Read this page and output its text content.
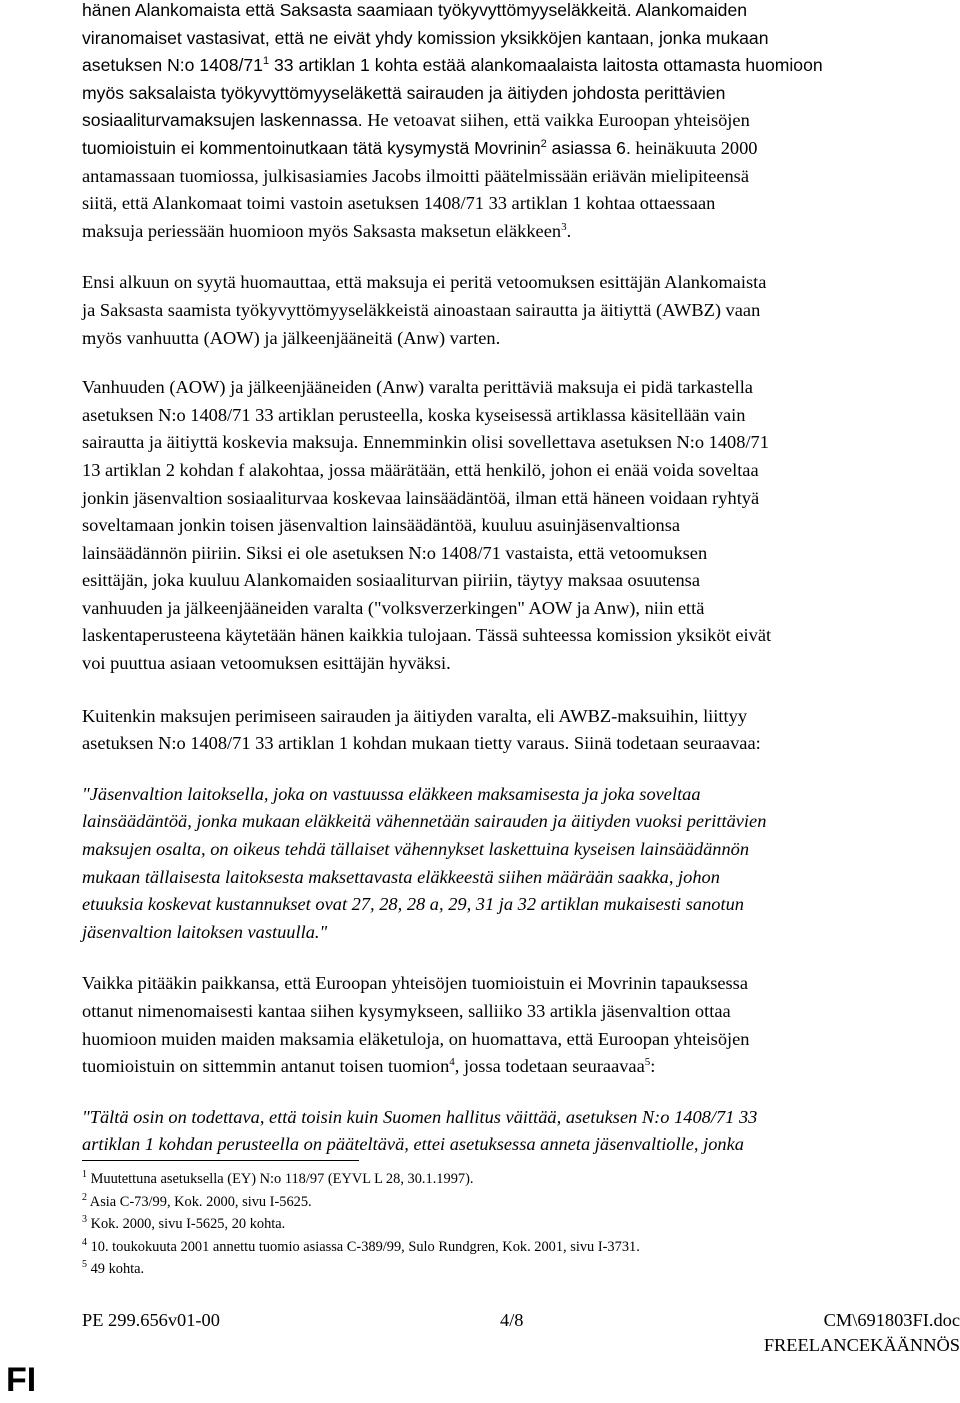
hänen Alankomaista että Saksasta saamiaan työkyvyttömyyseläkkeitä. Alankomaiden
viranomaiset vastasivat, että ne eivät yhdy komission yksikköjen kantaan, jonka mukaan
asetuksen N:o $1408/71^1$ 33 artiklan 1 kohta estää alankomaalaista laitosta ottamasta huomioon
myös saksalaista työkyvyttömyyseläkettä sairauden ja äitiyden johdosta perittävien
sosiaaliturvamaksujen laskennassa. He vetoavat siihen, että vaikka Euroopan yhteisöjen
tuomioistuin ei kommentoinutkaan tätä kysymystä Movrinin$^2$ asiassa 6. heinäkuuta 2000
antamassaan tuomiossa, julkisasiamies Jacobs ilmoitti päätelmissään eriävän mielipiteensä
siitä, että Alankomaat toimi vastoin asetuksen 1408/71 33 artiklan 1 kohtaa ottaessaan
maksuja periessään huomioon myös Saksasta maksetun eläkkeen$^3$.
Ensi alkuun on syytä huomauttaa, että maksuja ei peritä vetoomuksen esittäjän Alankomaista
ja Saksasta saamista työkyvyttömyyseläkkeistä ainoastaan sairautta ja äitiyttä (AWBZ) vaan
myös vanhuutta (AOW) ja jälkeenjääneitä (Anw) varten.
Vanhuuden (AOW) ja jälkeenjääneiden (Anw) varalta perittäviä maksuja ei pidä tarkastella
asetuksen N:o 1408/71 33 artiklan perusteella, koska kyseisessä artiklassa käsitellään vain
sairautta ja äitiyttä koskevia maksuja. Ennemminkin olisi sovellettava asetuksen N:o 1408/71
13 artiklan 2 kohdan f alakohtaa, jossa määrätään, että henkilö, johon ei enää voida soveltaa
jonkin jäsenvaltion sosiaaliturvaa koskevaa lainsäädäntöä, ilman että häneen voidaan ryhtyä
soveltamaan jonkin toisen jäsenvaltion lainsäädäntöä, kuuluu asuinjäsenvaltionsa
lainsäädännön piiriin. Siksi ei ole asetuksen N:o 1408/71 vastaista, että vetoomuksen
esittäjän, joka kuuluu Alankomaiden sosiaaliturvan piiriin, täytyy maksaa osuutensa
vanhuuden ja jälkeenjääneiden varalta ("volksverzerkingen" AOW ja Anw), niin että
laskentaperusteena käytetään hänen kaikkia tulojaan. Tässä suhteessa komission yksiköt eivät
voi puuttua asiaan vetoomuksen esittäjän hyväksi.
Kuitenkin maksujen perimiseen sairauden ja äitiyden varalta, eli AWBZ-maksuihin, liittyy
asetuksen N:o 1408/71 33 artiklan 1 kohdan mukaan tietty varaus. Siinä todetaan seuraavaa:
"Jäsenvaltion laitoksella, joka on vastuussa eläkkeen maksamisesta ja joka soveltaa
lainsäädäntöä, jonka mukaan eläkkeitä vähennetään sairauden ja äitiyden vuoksi perittävien
maksujen osalta, on oikeus tehdä tällaiset vähennykset laskettuina kyseisen lainsäädännön
mukaan tällaisesta laitoksesta maksettavasta eläkkeestä siihen määrään saakka, johon
etuuksia koskevat kustannukset ovat 27, 28, 28 a, 29, 31 ja 32 artiklan mukaisesti sanotun
jäsenvaltion laitoksen vastuulla."
Vaikka pitääkin paikkansa, että Euroopan yhteisöjen tuomioistuin ei Movrinin tapauksessa
ottanut nimenomaisesti kantaa siihen kysymykseen, salliiko 33 artikla jäsenvaltion ottaa
huomioon muiden maiden maksamia eläketuloja, on huomattava, että Euroopan yhteisöjen
tuomioistuin on sittemmin antanut toisen tuomion$^4$, jossa todetaan seuraavaa$^5$:
"Tältä osin on todettava, että toisin kuin Suomen hallitus väittää, asetuksen N:o 1408/71 33
artiklan 1 kohdan perusteella on pääteltävä, ettei asetuksessa anneta jäsenvaltiolle, jonka
$^1$ Muutettuna asetuksella (EY) N:o 118/97 (EYVL L 28, 30.1.1997).
$^2$ Asia C-73/99, Kok. 2000, sivu I-5625.
$^3$ Kok. 2000, sivu I-5625, 20 kohta.
$^4$ 10. toukokuuta 2001 annettu tuomio asiassa C-389/99, Sulo Rundgren, Kok. 2001, sivu I-3731.
$^5$ 49 kohta.
PE 299.656v01-00	4/8	CM\691803FI.doc
FREELANCEKÄÄNNÖS
FI
